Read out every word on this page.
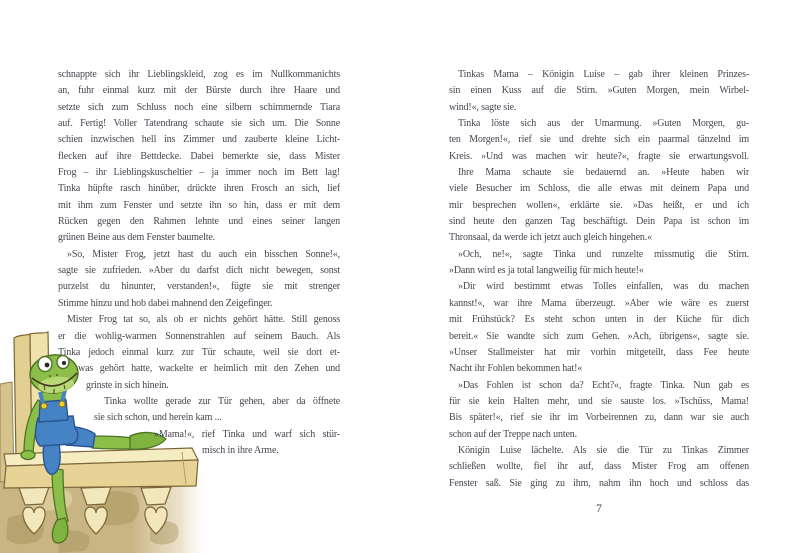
schnappte sich ihr Lieblingskleid, zog es im Nullkommanichts
an, fuhr einmal kurz mit der Bürste durch ihre Haare und
setzte sich zum Schluss noch eine silbern schimmernde Tiara
auf. Fertig! Voller Tatendrang schaute sie sich um. Die Sonne
schien inzwischen hell ins Zimmer und zauberte kleine Licht-
flecken auf ihre Bettdecke. Dabei bemerkte sie, dass Mister
Frog – ihr Lieblingskuscheltier – ja immer noch im Bett lag!
Tinka hüpfte rasch hinüber, drückte ihren Frosch an sich, lief
mit ihm zum Fenster und setzte ihn so hin, dass er mit dem
Rücken gegen den Rahmen lehnte und eines seiner langen
grünen Beine aus dem Fenster baumelte.
»So, Mister Frog, jetzt hast du auch ein bisschen Sonne!«,
sagte sie zufrieden. »Aber du darfst dich nicht bewegen, sonst
purzelst du hinunter, verstanden!«, fügte sie mit strenger
Stimme hinzu und hob dabei mahnend den Zeigefinger.
Mister Frog tat so, als ob er nichts gehört hätte. Still genoss
er die wohlig-warmen Sonnenstrahlen auf seinem Bauch. Als
Tinka jedoch einmal kurz zur Tür schaute, weil sie dort et-
was gehört hatte, wackelte er heimlich mit den Zehen und
grinste in sich hinein.
Tinka wollte gerade zur Tür gehen, aber da öffnete
sie sich schon, und herein kam ...
»Mama!«, rief Tinka und warf sich stür-
misch in ihre Arme.
Tinkas Mama – Königin Luise – gab ihrer kleinen Prinzes-
sin einen Kuss auf die Stirn. »Guten Morgen, mein Wirbel-
wind!«, sagte sie.
Tinka löste sich aus der Umarmung. »Guten Morgen, gu-
ten Morgen!«, rief sie und drehte sich ein paarmal tänzelnd im
Kreis. »Und was machen wir heute?«, fragte sie erwartungsvoll.
Ihre Mama schaute sie bedauernd an. »Heute haben wir
viele Besucher im Schloss, die alle etwas mit deinem Papa und
mir besprechen wollen«, erklärte sie. »Das heißt, er und ich
sind heute den ganzen Tag beschäftigt. Dein Papa ist schon im
Thronsaal, da werde ich jetzt auch gleich hingehen.«
»Och, ne!«, sagte Tinka und runzelte missmutig die Stirn.
»Dann wird es ja total langweilig für mich heute!«
»Dir wird bestimmt etwas Tolles einfallen, was du machen
kannst!«, war ihre Mama überzeugt. »Aber wie wäre es zuerst
mit Frühstück? Es steht schon unten in der Küche für dich
bereit.« Sie wandte sich zum Gehen. »Ach, übrigens«, sagte sie.
»Unser Stallmeister hat mir vorhin mitgeteilt, dass Fee heute
Nacht ihr Fohlen bekommen hat!«
»Das Fohlen ist schon da? Echt?«, fragte Tinka. Nun gab es
für sie kein Halten mehr, und sie sauste los. »Tschüss, Mama!
Bis später!«, rief sie ihr im Vorbeirennen zu, dann war sie auch
schon auf der Treppe nach unten.
Königin Luise lächelte. Als sie die Tür zu Tinkas Zimmer
schließen wollte, fiel ihr auf, dass Mister Frog am offenen
Fenster saß. Sie ging zu ihm, nahm ihn hoch und schloss das
7
